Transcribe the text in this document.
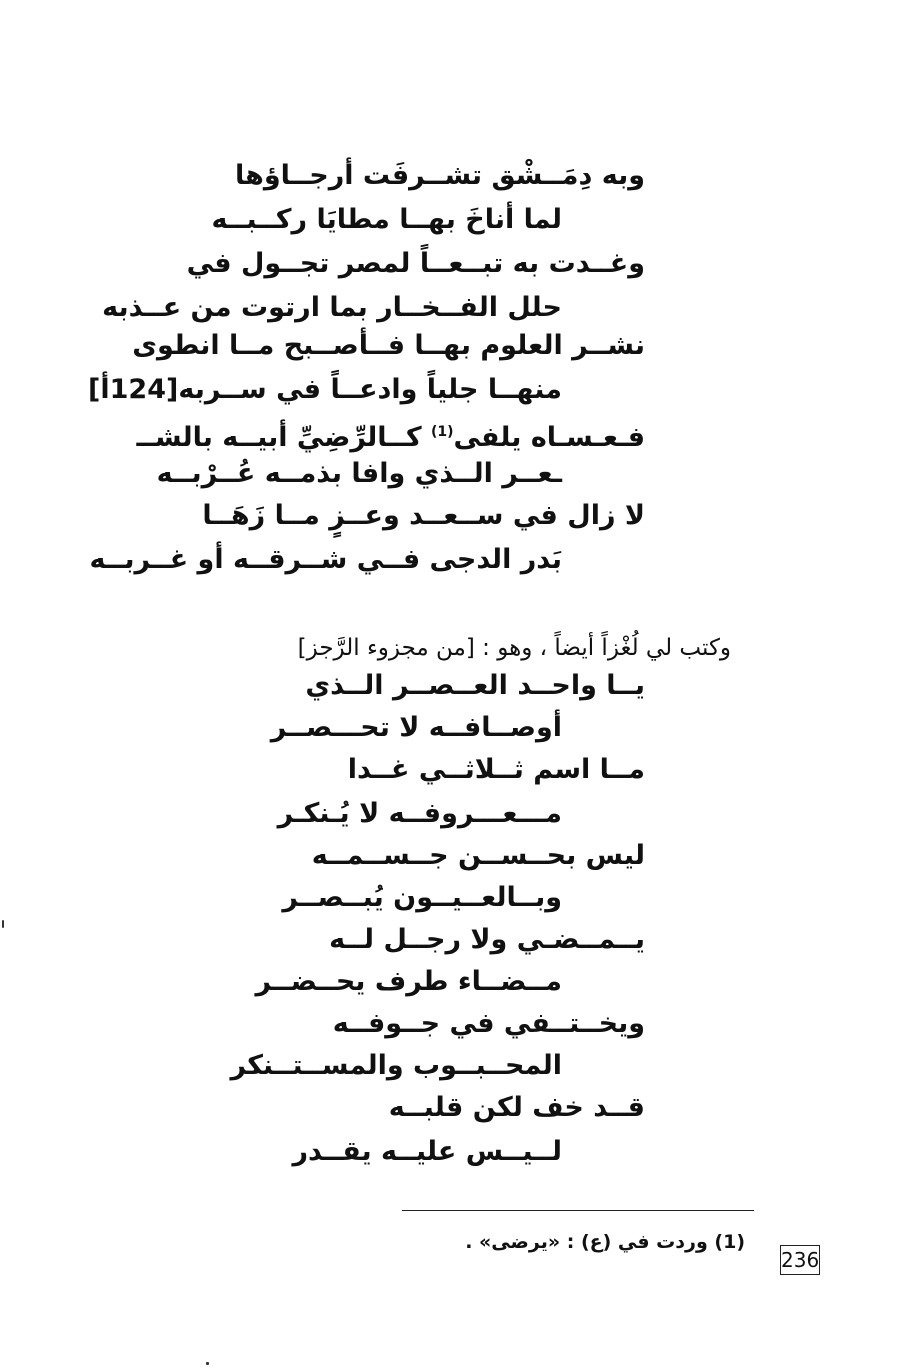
وبه دِمَــشْق تشــرفَت أرجــاؤها
لما أناخَ بهــا مطايَا ركــبــه
وغــدت به تبــعــاً لمصر تجــول في
حلل الفــخــار بما ارتوت من عــذبه
نشــر العلوم بهــا فــأصــبح مــا انطوى
منهــا جلياً وادعــاً في ســربه[124أ]
فـعـسـاه يلفى$^{(1)}$ كــالرِّضِيِّ أبيــه بالشــ
ـعــر الــذي وافا بذمــه عُــرْبــه
لا زال في ســعــد وعــزٍ مــا زَهَــا
بَدر الدجى فــي شــرقــه أو غــربــه
وكتب لي لُغْزاً أيضاً ، وهو : [من مجزوء الرَّجز]
يــا واحــد العــصــر الــذي
أوصــافــه لا تحـــصــر
مــا اسم ثــلاثــي غــدا
مـــعـــروفــه لا يُـنكـر
ليس بحــســن جــســمــه
وبــالعــيــون يُبــصــر
يــمــضـي ولا رجــل لــه
مــضــاء طرف يحــضــر
ويخــتــفي في جــوفــه
المحــبــوب والمســتــنكر
قــد خف لكن قلبــه
لــيــس عليــه يقــدر
(1) وردت في (ع) : «يرضى» .
236
